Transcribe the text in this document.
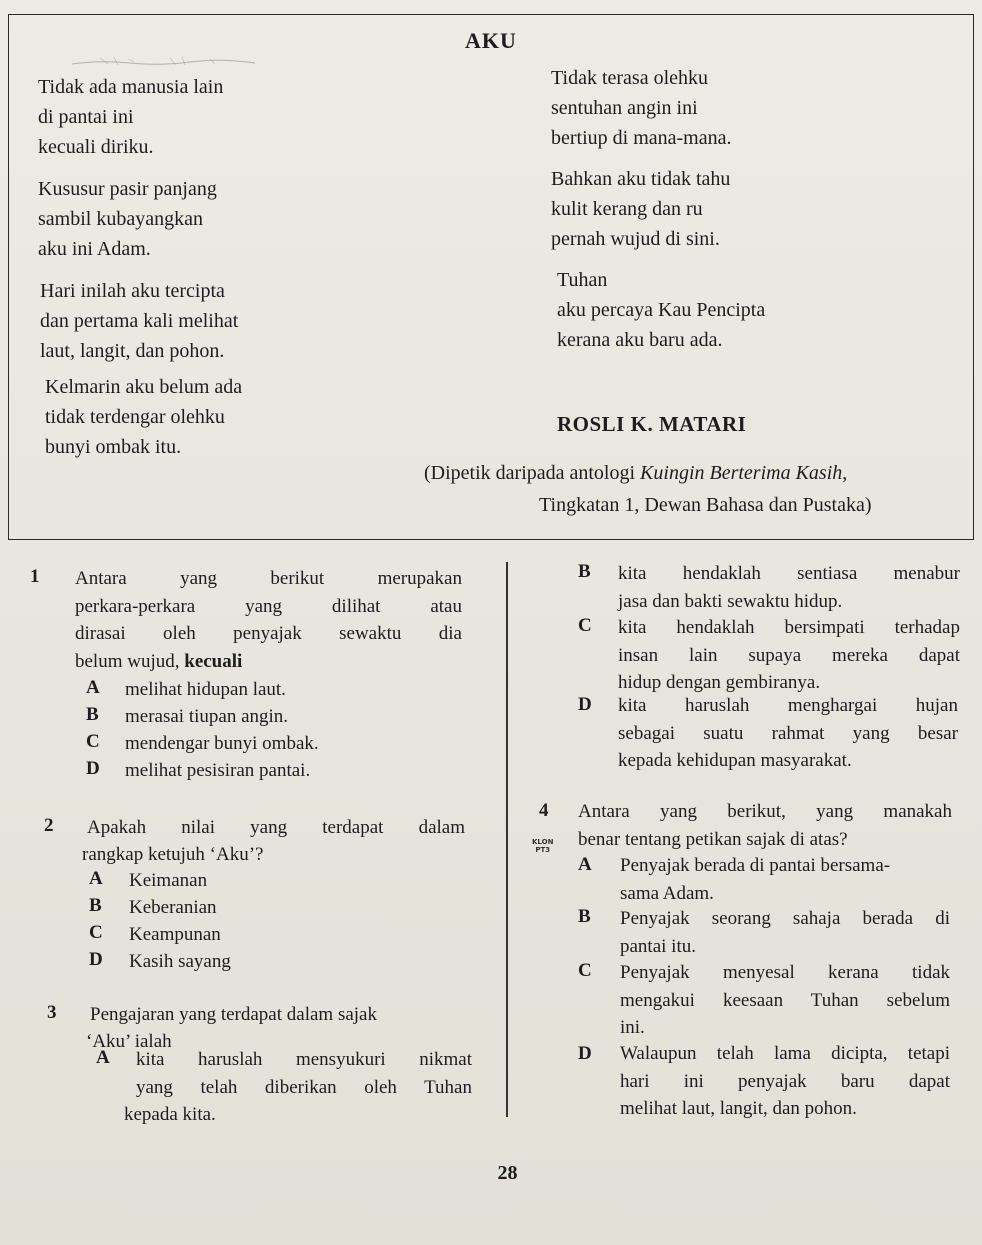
AKU
Tidak ada manusia lain
di pantai ini
kecuali diriku.
Kususur pasir panjang
sambil kubayangkan
aku ini Adam.
Hari inilah aku tercipta
dan pertama kali melihat
laut, langit, dan pohon.
Kelmarin aku belum ada
tidak terdengar olehku
bunyi ombak itu.
Tidak terasa olehku
sentuhan angin ini
bertiup di mana-mana.
Bahkan aku tidak tahu
kulit kerang dan ru
pernah wujud di sini.
Tuhan
aku percaya Kau Pencipta
kerana aku baru ada.
ROSLI K. MATARI
(Dipetik daripada antologi Kuingin Berterima Kasih,
Tingkatan 1, Dewan Bahasa dan Pustaka)
1 Antara yang berikut merupakan
perkara-perkara yang dilihat atau
dirasai oleh penyajak sewaktu dia
belum wujud, kecuali
A melihat hidupan laut.
B merasai tiupan angin.
C mendengar bunyi ombak.
D melihat pesisiran pantai.
2 Apakah nilai yang terdapat dalam
rangkap ketujuh ‘Aku’?
A Keimanan
B Keberanian
C Keampunan
D Kasih sayang
3 Pengajaran yang terdapat dalam sajak
‘Aku’ ialah
A kita haruslah mensyukuri nikmat
yang telah diberikan oleh Tuhan
kepada kita.
B kita hendaklah sentiasa menabur
jasa dan bakti sewaktu hidup.
C kita hendaklah bersimpati terhadap
insan lain supaya mereka dapat
hidup dengan gembiranya.
D kita haruslah menghargai hujan
sebagai suatu rahmat yang besar
kepada kehidupan masyarakat.
4 Antara yang berikut, yang manakah
benar tentang petikan sajak di atas?
KLON
PT3
A Penyajak berada di pantai bersama-
sama Adam.
B Penyajak seorang sahaja berada di
pantai itu.
C Penyajak menyesal kerana tidak
mengakui keesaan Tuhan sebelum
ini.
D Walaupun telah lama dicipta, tetapi
hari ini penyajak baru dapat
melihat laut, langit, dan pohon.
28
